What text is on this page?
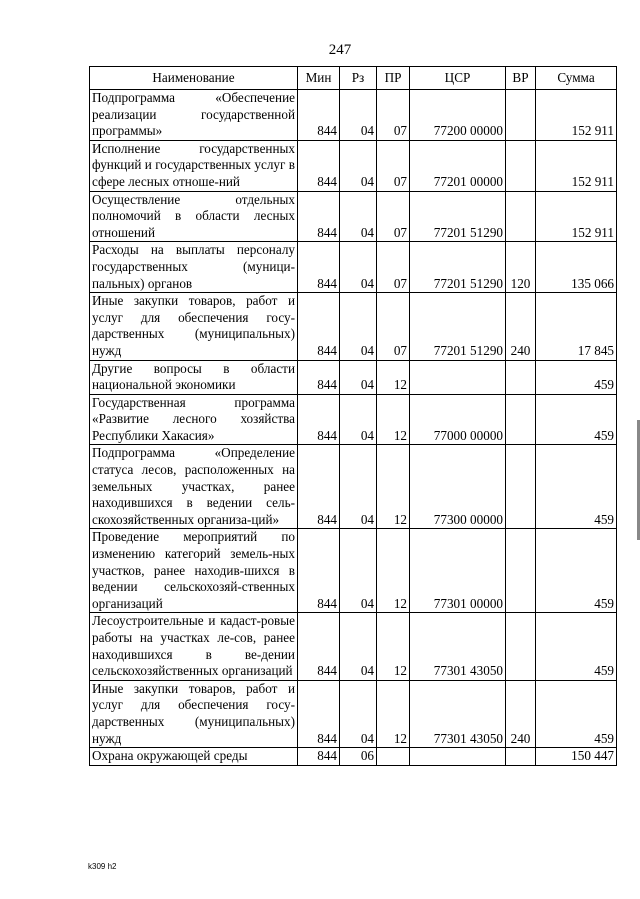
247
Наименование	Мин	Рз	ПР	ЦСР	ВР	Сумма
Подпрограмма «Обеспечение реализации государственной программы»	844	04	07	77200 00000		152 911
Исполнение государственных функций и государственных услуг в сфере лесных отноше-ний	844	04	07	77201 00000		152 911
Осуществление отдельных полномочий в области лесных отношений	844	04	07	77201 51290		152 911
Расходы на выплаты персоналу государственных (муници-пальных) органов	844	04	07	77201 51290	120	135 066
Иные закупки товаров, работ и услуг для обеспечения госу-дарственных (муниципальных) нужд	844	04	07	77201 51290	240	17 845
Другие вопросы в области национальной экономики	844	04	12			459
Государственная программа «Развитие лесного хозяйства Республики Хакасия»	844	04	12	77000 00000		459
Подпрограмма «Определение статуса лесов, расположенных на земельных участках, ранее находившихся в ведении сель-скохозяйственных организа-ций»	844	04	12	77300 00000		459
Проведение мероприятий по изменению категорий земель-ных участков, ранее находив-шихся в ведении сельскохозяй-ственных организаций	844	04	12	77301 00000		459
Лесоустроительные и кадаст-ровые работы на участках ле-сов, ранее находившихся в ве-дении сельскохозяйственных организаций	844	04	12	77301 43050		459
Иные закупки товаров, работ и услуг для обеспечения госу-дарственных (муниципальных) нужд	844	04	12	77301 43050	240	459
Охрана окружающей среды	844	06				150 447
k309 h2
